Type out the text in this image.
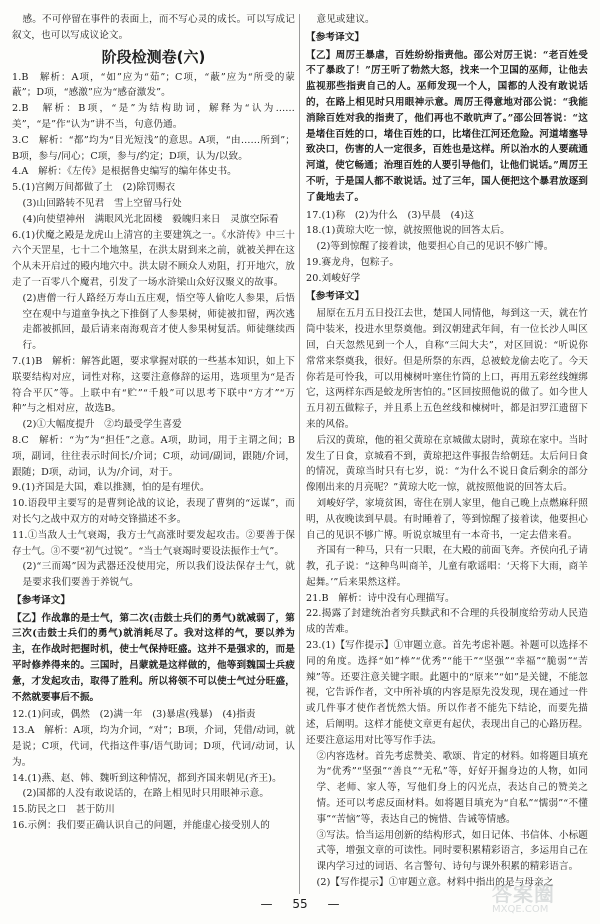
感。不可停留在事件的表面上，而不写心灵的成长。可以写成记叙文，也可以写成议论文。

阶段检测卷(六)

1.B　解析：A项，“如”应为“茹”；C项，“蔽”应为“所受的蒙蔽”；D项，“感激”应为“感奋激发”。

2.B　解析：B项，“是”为结构助词，解释为“认为……美”，“是”作“认为”讲不当，句意仍通。

3.C　解析：“都”均为“目光短浅”的意思。A项，“由……所到”；B项，参与/同心；C项，参与/约定；D项，认为/以致。

4.A　解析：《左传》是根据鲁史编写的编年体史书。

5.(1)宫阙万间都做了土　(2)除罚赐衣

(3)山回路转不见君　雪上空留马行处

(4)向使望神州　满眼风光北固楼　毅魄归来日　灵旗空际看

6.(1)伏魔之殿是龙虎山上清宫的主要建筑之一。《水浒传》中三十六个天罡星，七十二个地煞星，在洪太尉到来之前，就被关押在这个从未开启过的殿内地穴中。洪太尉不顾众人劝阻，打开地穴，放走了一百零八个魔君，引发了一场水浒梁山众好汉聚义的故事。

(2)唐僧一行人路经万寿山五庄观，悟空等人偷吃人参果，后悟空在观中与道童争执之下推倒了人参果树，师徒被扣留，两次逃走都被抓回，最后请来南海观音才使人参果树复活。师徒继续西行。

7.(1)B　解析：解答此题，要求掌握对联的一些基本知识，如上下联要结构对应，词性对称，这要注意修辞的运用，选项里为“是否符合平仄”等。上联中有“贮”“千般”可以思考下联中“方才”“万种”与之相对应，故选B。

(2)①大幅度提升　②均最受学生喜爱

8.C　解析：“为”为“担任”之意。A项，助词，用于主谓之间；B项，副词，往往表示时间长/介词；C项，动词/副词，跟随/介词，跟随；D项，动词，认为/介词，对于。

9.(1)齐国是大国，难以推测，怕的是有埋伏。

10.语段甲主要写的是曹刿论战的议论，表现了曹刿的“远谋”，而对长勺之战中双方的对峙交锋描述不多。

11.①当敌人士气衰竭，我方士气高涨时要发起攻击。②要善于保存士气。③不要“初气过锐”。“当士气衰竭时要设法振作士气”。

(2)“三而竭”因为武器还没使用完，所以我们设法保存士气，就是要求我们要善于养锐气。

【参考译文】

【乙】作战靠的是士气，第二次(击鼓士兵们的勇气)就减弱了，第三次(击鼓士兵们的勇气)就消耗尽了。我对这样的气，要以养为主，在作战时把握时机，使士气保持旺盛。这并不是强求的，而是平时修养得来的。三国时，吕蒙就是这样做的，他等到魏国士兵疲惫，才发起攻击，取得了胜利。所以将领不可以使士气过分旺盛，不然就要事后不振。

12.(1)问或，偶然　(2)满一年　(3)暴虐(残暴)　(4)指责

13.A　解析：A项，均为介词，“对”；B项，介词，凭借/动词，就是说；C项，代词，代指这件事/语气助词；D项，代词/动词，认为。

14.(1)燕、赵、韩、魏听到这种情况，都到齐国来朝见(齐王)。

(2)国都的人没有敢说话的，在路上相见时只用眼神示意。

15.防民之口　甚于防川

16.示例：我们要正确认识自己的问题，并能虚心接受别人的

意见或建议。

【参考译文】

【乙】周厉王暴虐，百姓纷纷指责他。邵公对厉王说：“老百姓受不了暴政了！”厉王听了勃然大怒，找来一个卫国的巫师，让他去监视那些指责自己的人。巫师发现一个人，国都的人没有敢说话的，在路上相见时只用眼神示意。周厉王得意地对邵公说：“我能消除百姓对我的指责了，他们再也不敢吭声了。”邵公回答说：“这是堵住百姓的口，堵住百姓的口，比堵住江河还危险。河道堵塞导致决口，伤害的人一定很多，百姓也是这样。所以治水的人要疏通河道，使它畅通；治理百姓的人要引导他们，让他们说话。”周厉王不听，于是国人都不敢说话。过了三年，国人便把这个暴君放逐到了彘地去了。

17.(1)称　(2)为什么　(3)早晨　(4)这

18.(1)黄琼大吃一惊，就按照他说的回答太后。

(2)等到惊醒了接着读，他要担心自己的见识不够广博。

19.赛龙舟，包粽子。

20.刘峻好学

【参考译文】

屈原在五月五日投江去世，楚国人同情他，每到这一天，就在竹筒中装米，投进水里祭奠他。到汉朝建武年间，有一位长沙人叫区回，白天忽然见到一个人，自称“三闾大夫”，对区回说：“听说你常常来祭奠我，很好。但是所祭的东西，总被蛟龙偷去吃了。今天你若是可怜我，可以用楝树叶塞住竹筒的上口，再用五彩丝线缠绑它，这两样东西是蛟龙所害怕的。”区回按照他说的做了。如今世人五月初五做粽子，并且系上五色丝线和楝树叶，都是汩罗江遗留下来的风俗。

后汉的黄琼，他的祖父黄琼在京城做太尉时，黄琼在家中。当时发生了日食，京城看不到，黄琼把这件事报告给朝廷。太后问日食的情况，黄琼当时只有七岁，说：“为什么不说日食后剩余的部分像刚出来的月亮呢？”黄琼大吃一惊，就按照他说的回答太后。

刘峻好学，家境贫困，寄住在别人家里，他自己晚上点燃麻秆照明，从夜晚读到早晨。有时睡着了，等到惊醒了接着读，他要担心自己的见识不够广博。听说京城里有一本奇书，一定去借来看。

齐国有一种马，只有一只眼，在大殿的前面飞奔。齐侯向孔子请教，孔子说：“这种鸟叫商羊，儿童有歌谣唱：‘天将下大雨，商羊起舞。’”后来果然这样。

21.B　解析：诗中没有心理描写。

22.揭露了封建统治者穷兵黩武和不合理的兵役制度给劳动人民造成的苦难。

23.(1)【写作提示】①审题立意。首先考虑补题。补题可以选择不同的角度。选择“如”棒”“优秀”“能干”“坚强”“幸福”“脆弱”“苦辣”等。还要注意关键字眼。此题中的“原来”“如”是关键，不能忽视，它告诉作者，文中所补填的内容是原先没发现，现在通过一件或几件事才使作者恍然大悟。所以作者不能先下结论，而要先描述，后阐明。这样才能使文章更有起伏，表现出自己的心路历程。还要注意运用对比等写作手法。

②内容选材。首先考虑赞美、歌颂、肯定的材料。如将题目填充为“优秀”“坚强”“善良”“无私”等，好好开掘身边的人物，如同学、老师、家人等，写他们身上的闪光点，表达自己的赞美之情。还可以考虑反面材料。如将题目填充为“自私”“懦弱”“不懂事”“苦恼”等，表达自己的惋惜、告诫等情感。

③写法。恰当运用创新的结构形式，如日记体、书信体、小标题式等，增强文章的可读性。同时要积累精彩语言，多运用自己在课内学习过的词语、名言警句、诗句与课外积累的精彩语言。

(2)【写作提示】①审题立意。材料中指出的是与母亲之

— 55 —	答案圈
MXQE.COM
